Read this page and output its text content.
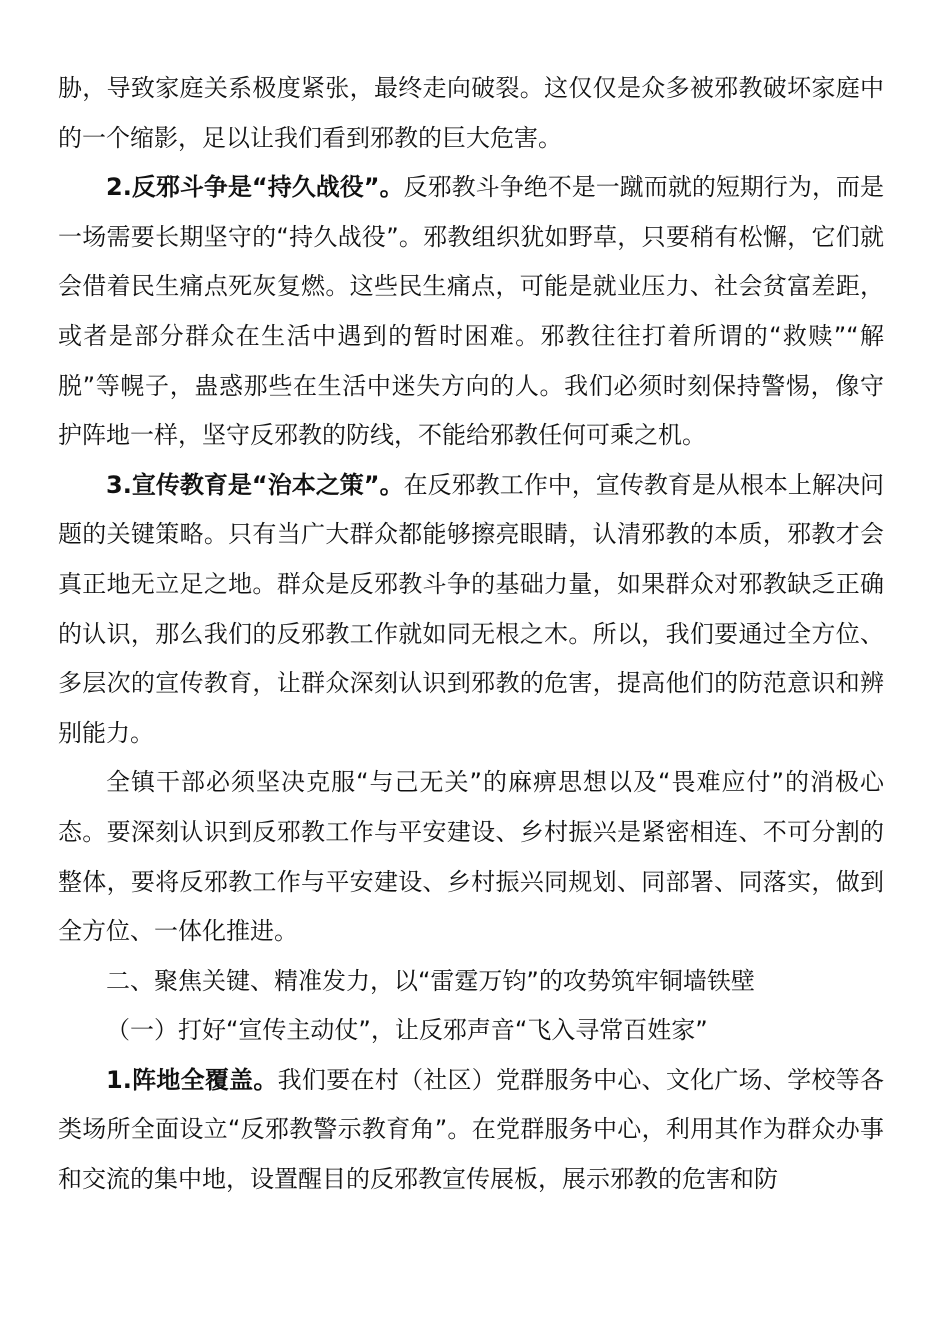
胁，导致家庭关系极度紧张，最终走向破裂。这仅仅是众多被邪教破坏家庭中的一个缩影，足以让我们看到邪教的巨大危害。

2.反邪斗争是“持久战役”。反邪教斗争绝不是一蹴而就的短期行为，而是一场需要长期坚守的“持久战役”。邪教组织犹如野草，只要稍有松懈，它们就会借着民生痛点死灰复燃。这些民生痛点，可能是就业压力、社会贫富差距，或者是部分群众在生活中遇到的暂时困难。邪教往往打着所谓的“救赎”“解脱”等幌子，蛊惑那些在生活中迷失方向的人。我们必须时刻保持警惕，像守护阵地一样，坚守反邪教的防线，不能给邪教任何可乘之机。

3.宣传教育是“治本之策”。在反邪教工作中，宣传教育是从根本上解决问题的关键策略。只有当广大群众都能够擦亮眼睛，认清邪教的本质，邪教才会真正地无立足之地。群众是反邪教斗争的基础力量，如果群众对邪教缺乏正确的认识，那么我们的反邪教工作就如同无根之木。所以，我们要通过全方位、多层次的宣传教育，让群众深刻认识到邪教的危害，提高他们的防范意识和辨别能力。

全镇干部必须坚决克服“与己无关”的麻痹思想以及“畏难应付”的消极心态。要深刻认识到反邪教工作与平安建设、乡村振兴是紧密相连、不可分割的整体，要将反邪教工作与平安建设、乡村振兴同规划、同部署、同落实，做到全方位、一体化推进。

二、聚焦关键、精准发力，以“雷霆万钧”的攻势筑牢铜墙铁壁

（一）打好“宣传主动仗”，让反邪声音“飞入寻常百姓家”

1.阵地全覆盖。我们要在村（社区）党群服务中心、文化广场、学校等各类场所全面设立“反邪教警示教育角”。在党群服务中心，利用其作为群众办事和交流的集中地，设置醒目的反邪教宣传展板，展示邪教的危害和防
